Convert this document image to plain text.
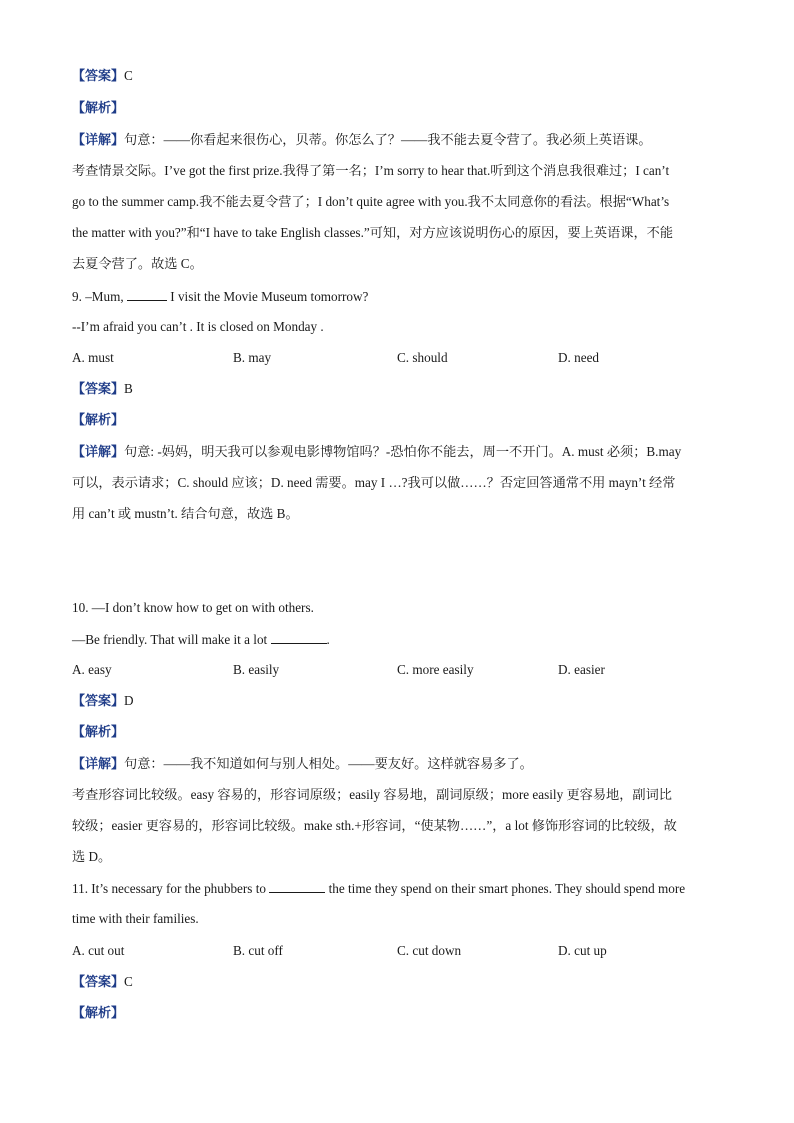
【答案】C
【解析】
【详解】句意：——你看起来很伤心，贝蒂。你怎么了？——我不能去夏令营了。我必须上英语课。
考查情景交际。I’ve got the first prize.我得了第一名；I’m sorry to hear that.听到这个消息我很难过；I can’t
go to the summer camp.我不能去夏令营了；I don’t quite agree with you.我不太同意你的看法。根据“What’s
the matter with you?”和“I have to take English classes.”可知，对方应该说明伤心的原因，要上英语课，不能
去夏令营了。故选 C。
9. –Mum,	I visit the Movie Museum tomorrow?
--I’m afraid you can’t . It is closed on Monday .
A. must	B. may	C. should	D. need
【答案】B
【解析】
【详解】句意: -妈妈，明天我可以参观电影博物馆吗？-恐怕你不能去，周一不开门。A. must 必须；B.may
可以，表示请求；C. should 应该；D. need 需要。may I …?我可以做……？否定回答通常不用 mayn’t 经常
用 can’t 或 mustn’t. 结合句意，故选 B。
10. —I don’t know how to get on with others.
—Be friendly. That will make it a lot	.
A. easy	B. easily	C. more easily	D. easier
【答案】D
【解析】
【详解】句意：——我不知道如何与别人相处。——要友好。这样就容易多了。
考查形容词比较级。easy 容易的，形容词原级；easily 容易地，副词原级；more easily 更容易地，副词比
较级；easier 更容易的，形容词比较级。make sth.+形容词，“使某物……”，a lot 修饰形容词的比较级，故
选 D。
11. It’s necessary for the phubbers to	the time they spend on their smart phones. They should spend more
time with their families.
A. cut out	B. cut off	C. cut down	D. cut up
【答案】C
【解析】
